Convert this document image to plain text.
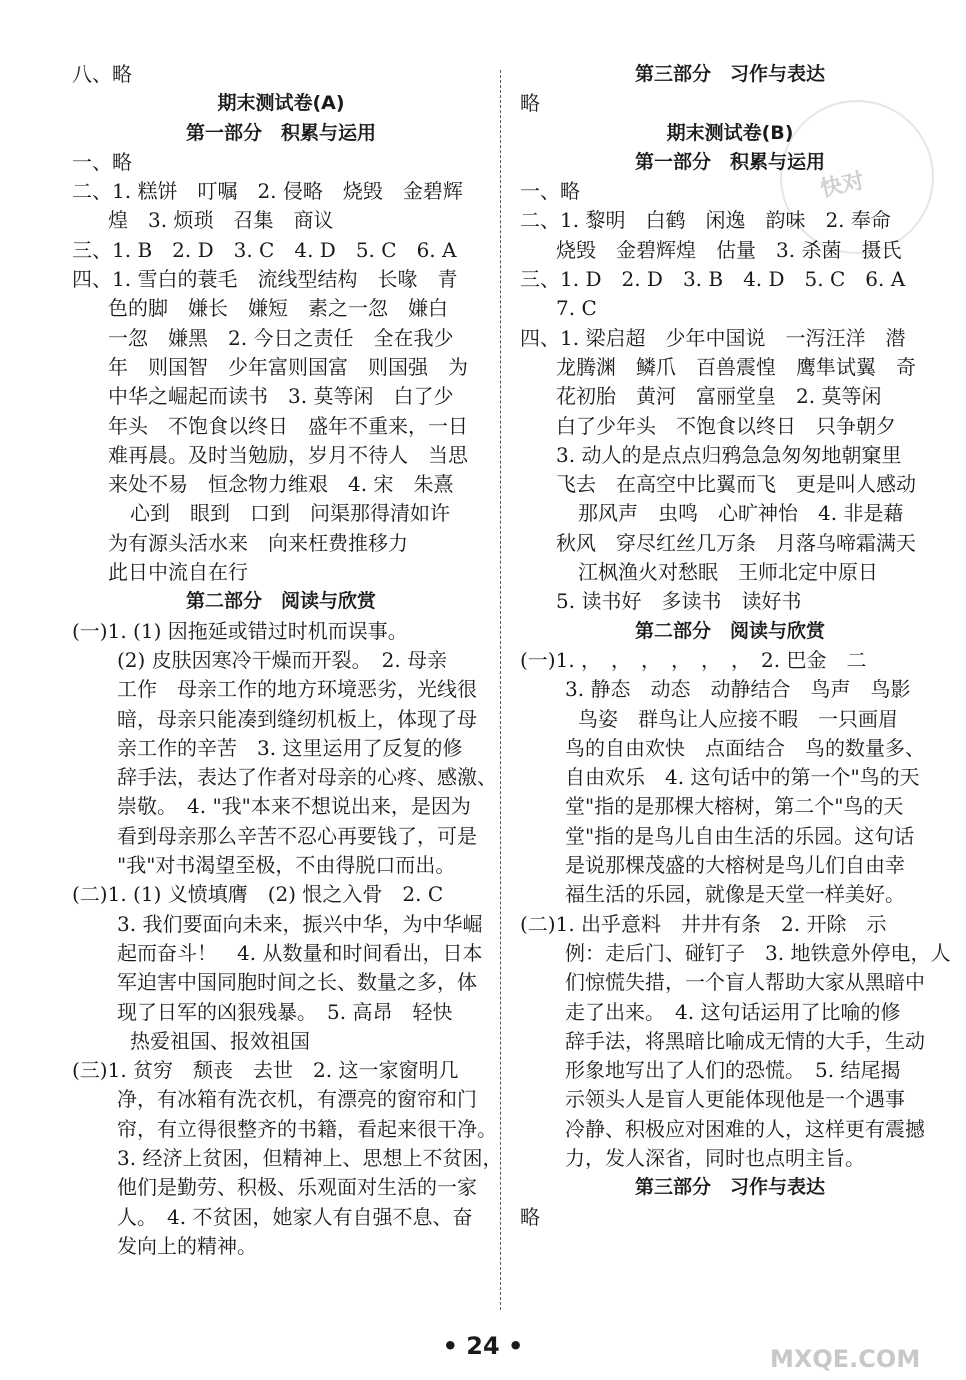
快对
八、略
期末测试卷(A)
第一部分　积累与运用
一、略
二、1. 糕饼　叮嘱　2. 侵略　烧毁　金碧辉
煌　3. 烦琐　召集　商议
三、1. B　2. D　3. C　4. D　5. C　6. A
四、1. 雪白的蓑毛　流线型结构　长喙　青
色的脚　嫌长　嫌短　素之一忽　嫌白
一忽　嫌黑　2. 今日之责任　全在我少
年　则国智　少年富则国富　则国强　为
中华之崛起而读书　3. 莫等闲　白了少
年头　不饱食以终日　盛年不重来，一日
难再晨。及时当勉励，岁月不待人　当思
来处不易　恒念物力维艰　4. 宋　朱熹
心到　眼到　口到　问渠那得清如许
为有源头活水来　向来枉费推移力
此日中流自在行
第二部分　阅读与欣赏
(一)1. (1) 因拖延或错过时机而误事。
(2) 皮肤因寒冷干燥而开裂。　2. 母亲
工作　母亲工作的地方环境恶劣，光线很
暗，母亲只能凑到缝纫机板上，体现了母
亲工作的辛苦　3. 这里运用了反复的修
辞手法，表达了作者对母亲的心疼、感激、
崇敬。　4. "我"本来不想说出来，是因为
看到母亲那么辛苦不忍心再要钱了，可是
"我"对书渴望至极，不由得脱口而出。
(二)1. (1) 义愤填膺　(2) 恨之入骨　2. C
3. 我们要面向未来，振兴中华，为中华崛
起而奋斗！　4. 从数量和时间看出，日本
军迫害中国同胞时间之长、数量之多，体
现了日军的凶狠残暴。　5. 高昂　轻快
热爱祖国、报效祖国
(三)1. 贫穷　颓丧　去世　2. 这一家窗明几
净，有冰箱有洗衣机，有漂亮的窗帘和门
帘，有立得很整齐的书籍，看起来很干净。
3. 经济上贫困，但精神上、思想上不贫困，
他们是勤劳、积极、乐观面对生活的一家
人。　4. 不贫困，她家人有自强不息、奋
发向上的精神。
第三部分　习作与表达
略
期末测试卷(B)
第一部分　积累与运用
一、略
二、1. 黎明　白鹤　闲逸　韵味　2. 奉命
烧毁　金碧辉煌　估量　3. 杀菌　摄氏
三、1. D　2. D　3. B　4. D　5. C　6. A
7. C
四、1. 梁启超　少年中国说　一泻汪洋　潜
龙腾渊　鳞爪　百兽震惶　鹰隼试翼　奇
花初胎　黄河　富丽堂皇　2. 莫等闲
白了少年头　不饱食以终日　只争朝夕
3. 动人的是点点归鸦急急匆匆地朝窠里
飞去　在高空中比翼而飞　更是叫人感动
那风声　虫鸣　心旷神怡　4. 非是藉
秋风　穿尽红丝几万条　月落乌啼霜满天
江枫渔火对愁眠　王师北定中原日
5. 读书好　多读书　读好书
第二部分　阅读与欣赏
(一)1. ，　，　，　，　，　，　2. 巴金　二
3. 静态　动态　动静结合　鸟声　鸟影
鸟姿　群鸟让人应接不暇　一只画眉
鸟的自由欢快　点面结合　鸟的数量多、
自由欢乐　4. 这句话中的第一个"鸟的天
堂"指的是那棵大榕树，第二个"鸟的天
堂"指的是鸟儿自由生活的乐园。这句话
是说那棵茂盛的大榕树是鸟儿们自由幸
福生活的乐园，就像是天堂一样美好。
(二)1. 出乎意料　井井有条　2. 开除　示
例：走后门、碰钉子　3. 地铁意外停电，人
们惊慌失措，一个盲人帮助大家从黑暗中
走了出来。　4. 这句话运用了比喻的修
辞手法，将黑暗比喻成无情的大手，生动
形象地写出了人们的恐慌。　5. 结尾揭
示领头人是盲人更能体现他是一个遇事
冷静、积极应对困难的人，这样更有震撼
力，发人深省，同时也点明主旨。
第三部分　习作与表达
略
• 24 •	MXQE.COM
